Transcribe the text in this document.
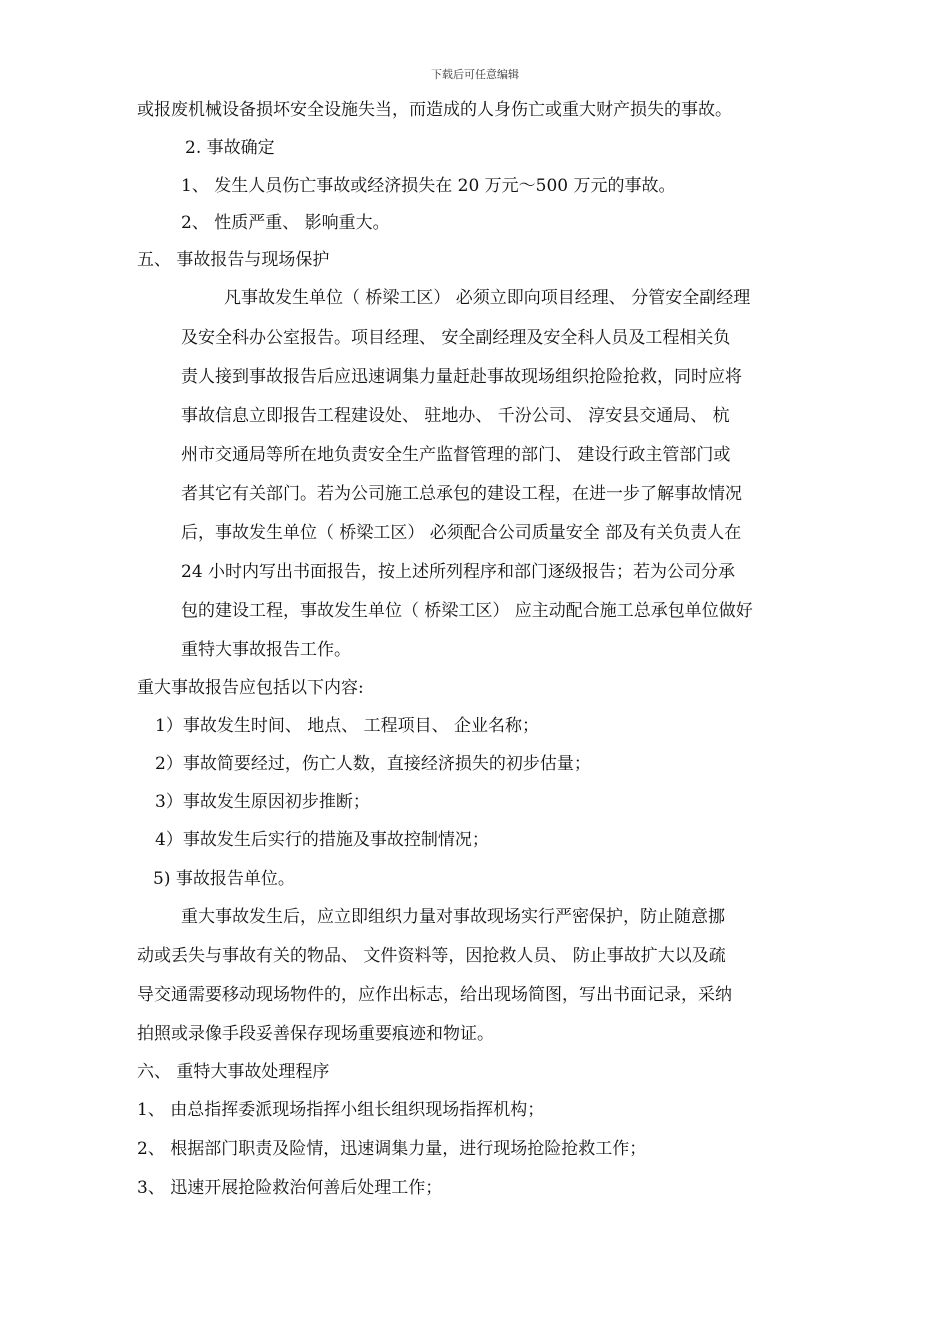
下载后可任意编辑

或报废机械设备损坏安全设施失当，而造成的人身伤亡或重大财产损失的事故。

2. 事故确定

1、 发生人员伤亡事故或经济损失在 20 万元～500 万元的事故。

2、 性质严重、 影响重大。

五、 事故报告与现场保护

凡事故发生单位（ 桥梁工区） 必须立即向项目经理、 分管安全副经理

及安全科办公室报告。项目经理、 安全副经理及安全科人员及工程相关负

责人接到事故报告后应迅速调集力量赶赴事故现场组织抢险抢救，同时应将

事故信息立即报告工程建设处、 驻地办、 千汾公司、 淳安县交通局、 杭

州市交通局等所在地负责安全生产监督管理的部门、 建设行政主管部门或

者其它有关部门。若为公司施工总承包的建设工程，在进一步了解事故情况

后，事故发生单位（ 桥梁工区） 必须配合公司质量安全 部及有关负责人在

24 小时内写出书面报告，按上述所列程序和部门逐级报告；若为公司分承

包的建设工程，事故发生单位（ 桥梁工区） 应主动配合施工总承包单位做好

重特大事故报告工作。

重大事故报告应包括以下内容:

1）事故发生时间、 地点、 工程项目、 企业名称；

2）事故简要经过，伤亡人数，直接经济损失的初步估量；

3）事故发生原因初步推断；

4）事故发生后实行的措施及事故控制情况；

5) 事故报告单位。

重大事故发生后，应立即组织力量对事故现场实行严密保护，防止随意挪

动或丢失与事故有关的物品、 文件资料等，因抢救人员、 防止事故扩大以及疏

导交通需要移动现场物件的，应作出标志，给出现场简图，写出书面记录，采纳

拍照或录像手段妥善保存现场重要痕迹和物证。

六、 重特大事故处理程序

1、 由总指挥委派现场指挥小组长组织现场指挥机构；

2、 根据部门职责及险情，迅速调集力量，进行现场抢险抢救工作；

3、 迅速开展抢险救治何善后处理工作；
